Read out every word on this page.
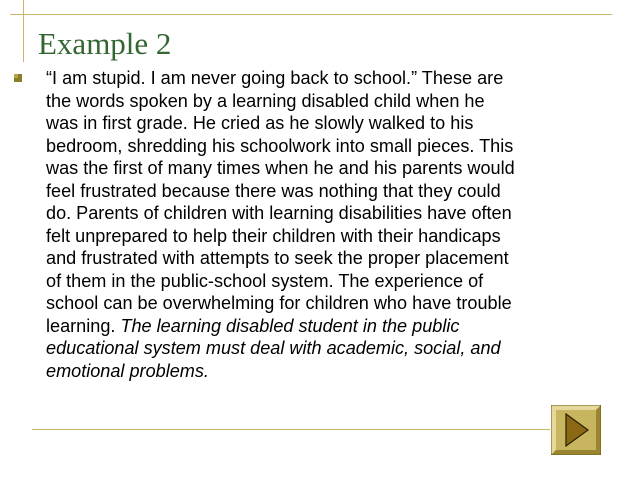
Example 2
“I am stupid. I am never going back to school.” These are
the words spoken by a learning disabled child when he
was in first grade. He cried as he slowly walked to his
bedroom, shredding his schoolwork into small pieces. This
was the first of many times when he and his parents would
feel frustrated because there was nothing that they could
do. Parents of children with learning disabilities have often
felt unprepared to help their children with their handicaps
and frustrated with attempts to seek the proper placement
of them in the public-school system. The experience of
school can be overwhelming for children who have trouble
learning. The learning disabled student in the public
educational system must deal with academic, social, and
emotional problems.
